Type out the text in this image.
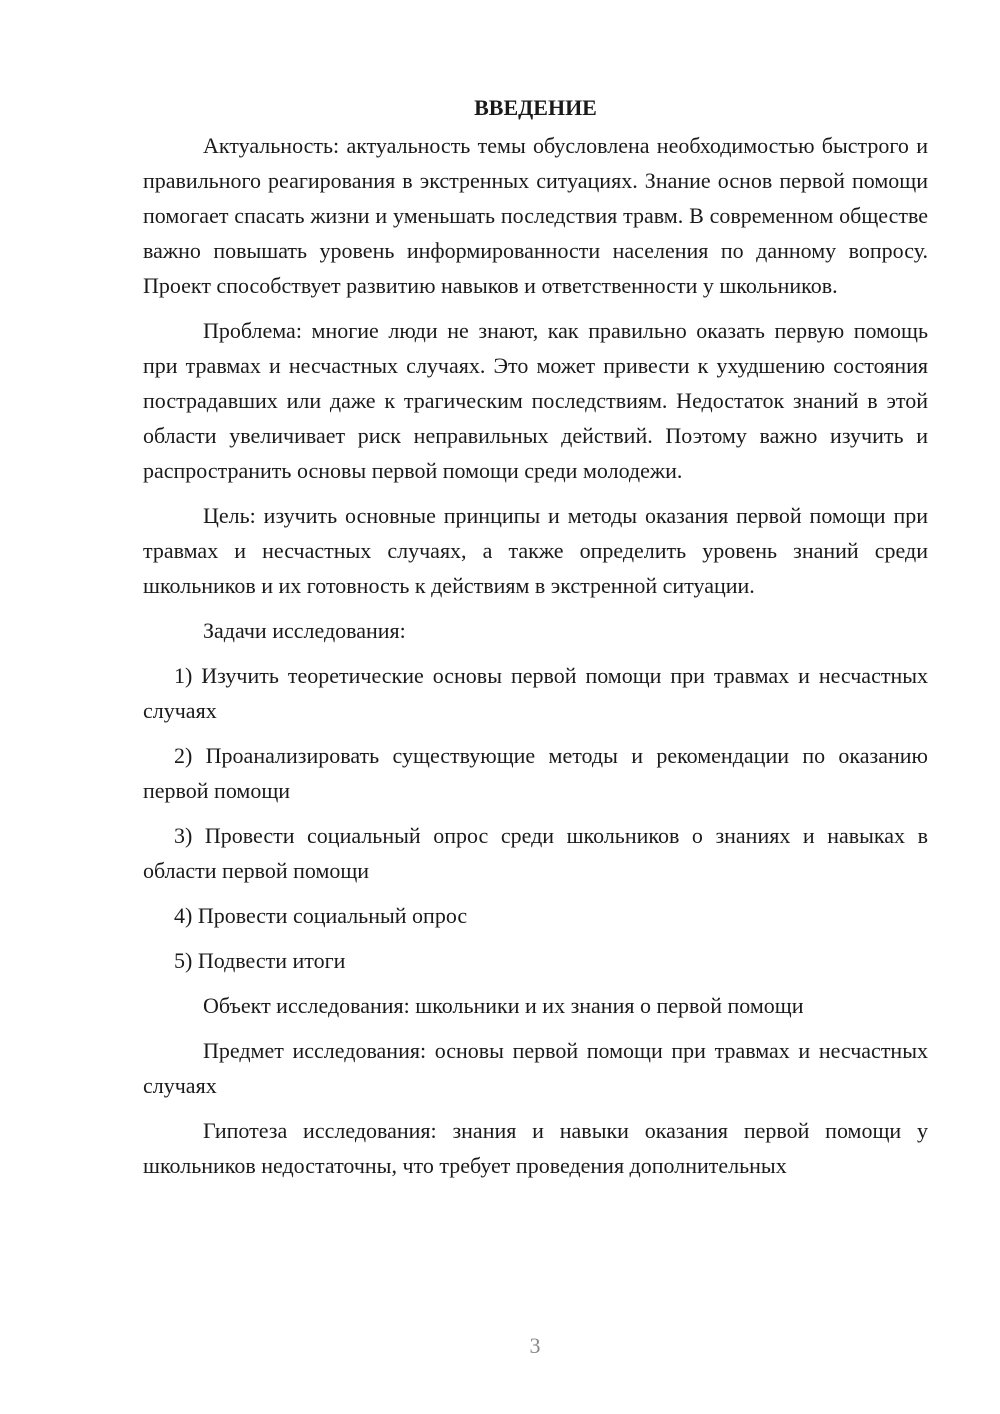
ВВЕДЕНИЕ

Актуальность: актуальность темы обусловлена необходимостью быстрого и правильного реагирования в экстренных ситуациях. Знание основ первой помощи помогает спасать жизни и уменьшать последствия травм. В современном обществе важно повышать уровень информированности населения по данному вопросу. Проект способствует развитию навыков и ответственности у школьников.

Проблема: многие люди не знают, как правильно оказать первую помощь при травмах и несчастных случаях. Это может привести к ухудшению состояния пострадавших или даже к трагическим последствиям. Недостаток знаний в этой области увеличивает риск неправильных действий. Поэтому важно изучить и распространить основы первой помощи среди молодежи.

Цель: изучить основные принципы и методы оказания первой помощи при травмах и несчастных случаях, а также определить уровень знаний среди школьников и их готовность к действиям в экстренной ситуации.

Задачи исследования:

1) Изучить теоретические основы первой помощи при травмах и несчастных случаях

2) Проанализировать существующие методы и рекомендации по оказанию первой помощи

3) Провести социальный опрос среди школьников о знаниях и навыках в области первой помощи

4) Провести социальный опрос

5) Подвести итоги

Объект исследования: школьники и их знания о первой помощи

Предмет исследования: основы первой помощи при травмах и несчастных случаях

Гипотеза исследования: знания и навыки оказания первой помощи у школьников недостаточны, что требует проведения дополнительных

3
